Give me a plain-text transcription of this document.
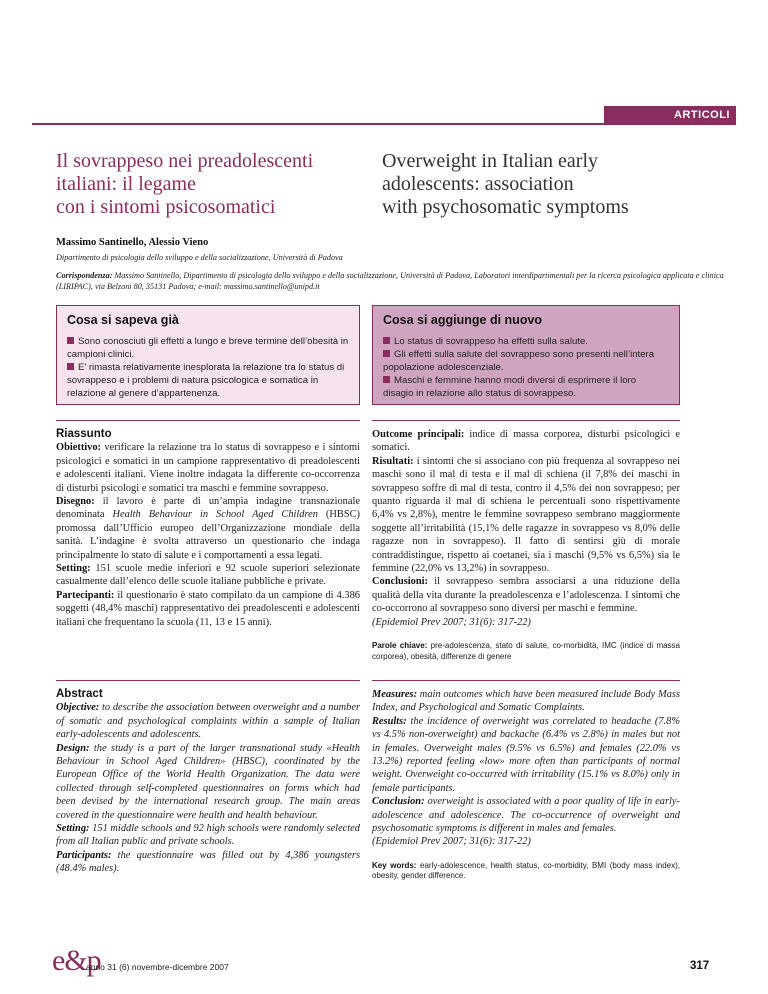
ARTICOLI
Il sovrappeso nei preadolescenti
italiani: il legame
con i sintomi psicosomatici
Overweight in Italian early
adolescents: association
with psychosomatic symptoms
Massimo Santinello, Alessio Vieno
Dipartimento di psicologia dello sviluppo e della socializzazione, Università di Padova
Corrispondenza: Massimo Santinello, Dipartimento di psicologia dello sviluppo e della socializzazione, Università di Padova, Laboratori interdipartimentali per la ricerca psicologica applicata e clinica (LIRIPAC), via Belzoni 80, 35131 Padova; e-mail: massimo.santinello@unipd.it
Cosa si sapeva già

Sono conosciuti gli effetti a lungo e breve termine dell’obesità in campioni clinici.

E’ rimasta relativamente inesplorata la relazione tra lo status di sovrappeso e i problemi di natura psicologica e somatica in relazione al genere d’appartenenza.

Cosa si aggiunge di nuovo

Lo status di sovrappeso ha effetti sulla salute.

Gli effetti sulla salute del sovrappeso sono presenti nell’intera popolazione adolescenziale.

Maschi e femmine hanno modi diversi di esprimere il loro disagio in relazione allo status di sovrappeso.

Riassunto

Obiettivo: verificare la relazione tra lo status di sovrappeso e i sintomi psicologici e somatici in un campione rappresentativo di preadolescenti e adolescenti italiani. Viene inoltre indagata la differente co-occorrenza di disturbi psicologi e somatici tra maschi e femmine sovrappeso.
Disegno: il lavoro è parte di un’ampia indagine transnazionale denominata Health Behaviour in School Aged Children (HBSC) promossa dall’Ufficio europeo dell’Organizzazione mondiale della sanità. L’indagine è svolta attraverso un questionario che indaga principalmente lo stato di salute e i comportamenti a essa legati.
Setting: 151 scuole medie inferiori e 92 scuole superiori selezionate casualmente dall’elenco delle scuole italiane pubbliche e private.
Partecipanti: il questionario è stato compilato da un campione di 4.386 soggetti (48,4% maschi) rappresentativo dei preadolescenti e adolescenti italiani che frequentano la scuola (11, 13 e 15 anni).

Outcome principali: indice di massa corporea, disturbi psicologici e somatici.
Risultati: i sintomi che si associano con più frequenza al sovrappeso nei maschi sono il mal di testa e il mal di schiena (il 7,8% dei maschi in sovrappeso soffre di mal di testa, contro il 4,5% dei non sovrappeso; per quanto riguarda il mal di schiena le percentuali sono rispettivamente 6,4% vs 2,8%), mentre le femmine sovrappeso sembrano maggiormente soggette all’irritabilità (15,1% delle ragazze in sovrappeso vs 8,0% delle ragazze non in sovrappeso). Il fatto di sentirsi giù di morale contraddistingue, rispetto ai coetanei, sia i maschi (9,5% vs 6,5%) sia le femmine (22,0% vs 13,2%) in sovrappeso.
Conclusioni: il sovrappeso sembra associarsi a una riduzione della qualità della vita durante la preadolescenza e l’adolescenza. I sintomi che co-occorrono al sovrappeso sono diversi per maschi e femmine.
(Epidemiol Prev 2007; 31(6): 317-22)

Parole chiave: pre-adolescenza, stato di salute, co-morbidità, IMC (indice di massa corporea), obesità, differenze di genere

Abstract

Objective: to describe the association between overweight and a number of somatic and psychological complaints within a sample of Italian early-adolescents and adolescents.
Design: the study is a part of the larger transnational study «Health Behaviour in School Aged Children» (HBSC), coordinated by the European Office of the World Health Organization. The data were collected through self-completed questionnaires on forms which had been devised by the international research group. The main areas covered in the questionnaire were health and health behaviour.
Setting: 151 middle schools and 92 high schools were randomly selected from all Italian public and private schools.
Participants: the questionnaire was filled out by 4,386 youngsters (48.4% males).

Measures: main outcomes which have been measured include Body Mass Index, and Psychological and Somatic Complaints.
Results: the incidence of overweight was correlated to headache (7.8% vs 4.5% non-overweight) and backache (6.4% vs 2.8%) in males but not in females. Overweight males (9.5% vs 6.5%) and females (22.0% vs 13.2%) reported feeling «low» more often than participants of normal weight. Overweight co-occurred with irritability (15.1% vs 8.0%) only in female participants.
Conclusion: overweight is associated with a poor quality of life in early-adolescence and adolescence. The co-occurrence of overweight and psychosomatic symptoms is different in males and females.
(Epidemiol Prev 2007; 31(6): 317-22)

Key words: early-adolescence, health status, co-morbidity, BMI (body mass index), obesity, gender difference.

e&p
anno 31 (6) novembre-dicembre 2007	317
